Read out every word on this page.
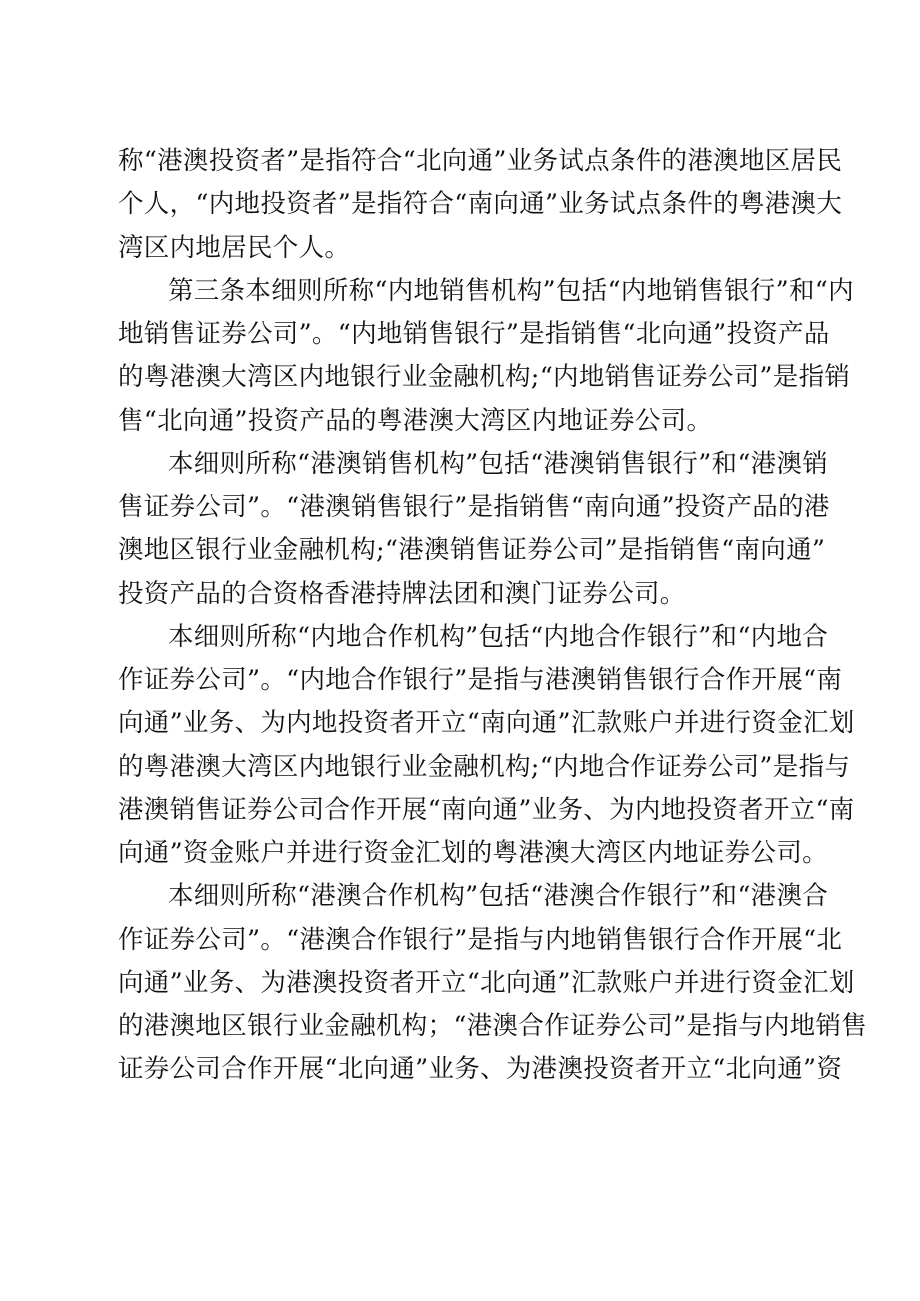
称“港澳投资者”是指符合“北向通”业务试点条件的港澳地区居民
个人，“内地投资者”是指符合“南向通”业务试点条件的粤港澳大
湾区内地居民个人。
第三条本细则所称“内地销售机构”包括“内地销售银行”和“内
地销售证券公司”。“内地销售银行”是指销售“北向通”投资产品
的粤港澳大湾区内地银行业金融机构;“内地销售证券公司”是指销
售“北向通”投资产品的粤港澳大湾区内地证券公司。
本细则所称“港澳销售机构”包括“港澳销售银行”和“港澳销
售证券公司”。“港澳销售银行”是指销售“南向通”投资产品的港
澳地区银行业金融机构;“港澳销售证券公司”是指销售“南向通”
投资产品的合资格香港持牌法团和澳门证券公司。
本细则所称“内地合作机构”包括“内地合作银行”和“内地合
作证券公司”。“内地合作银行”是指与港澳销售银行合作开展“南
向通”业务、为内地投资者开立“南向通”汇款账户并进行资金汇划
的粤港澳大湾区内地银行业金融机构;“内地合作证券公司”是指与
港澳销售证券公司合作开展“南向通”业务、为内地投资者开立“南
向通”资金账户并进行资金汇划的粤港澳大湾区内地证券公司。
本细则所称“港澳合作机构”包括“港澳合作银行”和“港澳合
作证券公司”。“港澳合作银行”是指与内地销售银行合作开展“北
向通”业务、为港澳投资者开立“北向通”汇款账户并进行资金汇划
的港澳地区银行业金融机构；“港澳合作证券公司”是指与内地销售
证券公司合作开展“北向通”业务、为港澳投资者开立“北向通”资
